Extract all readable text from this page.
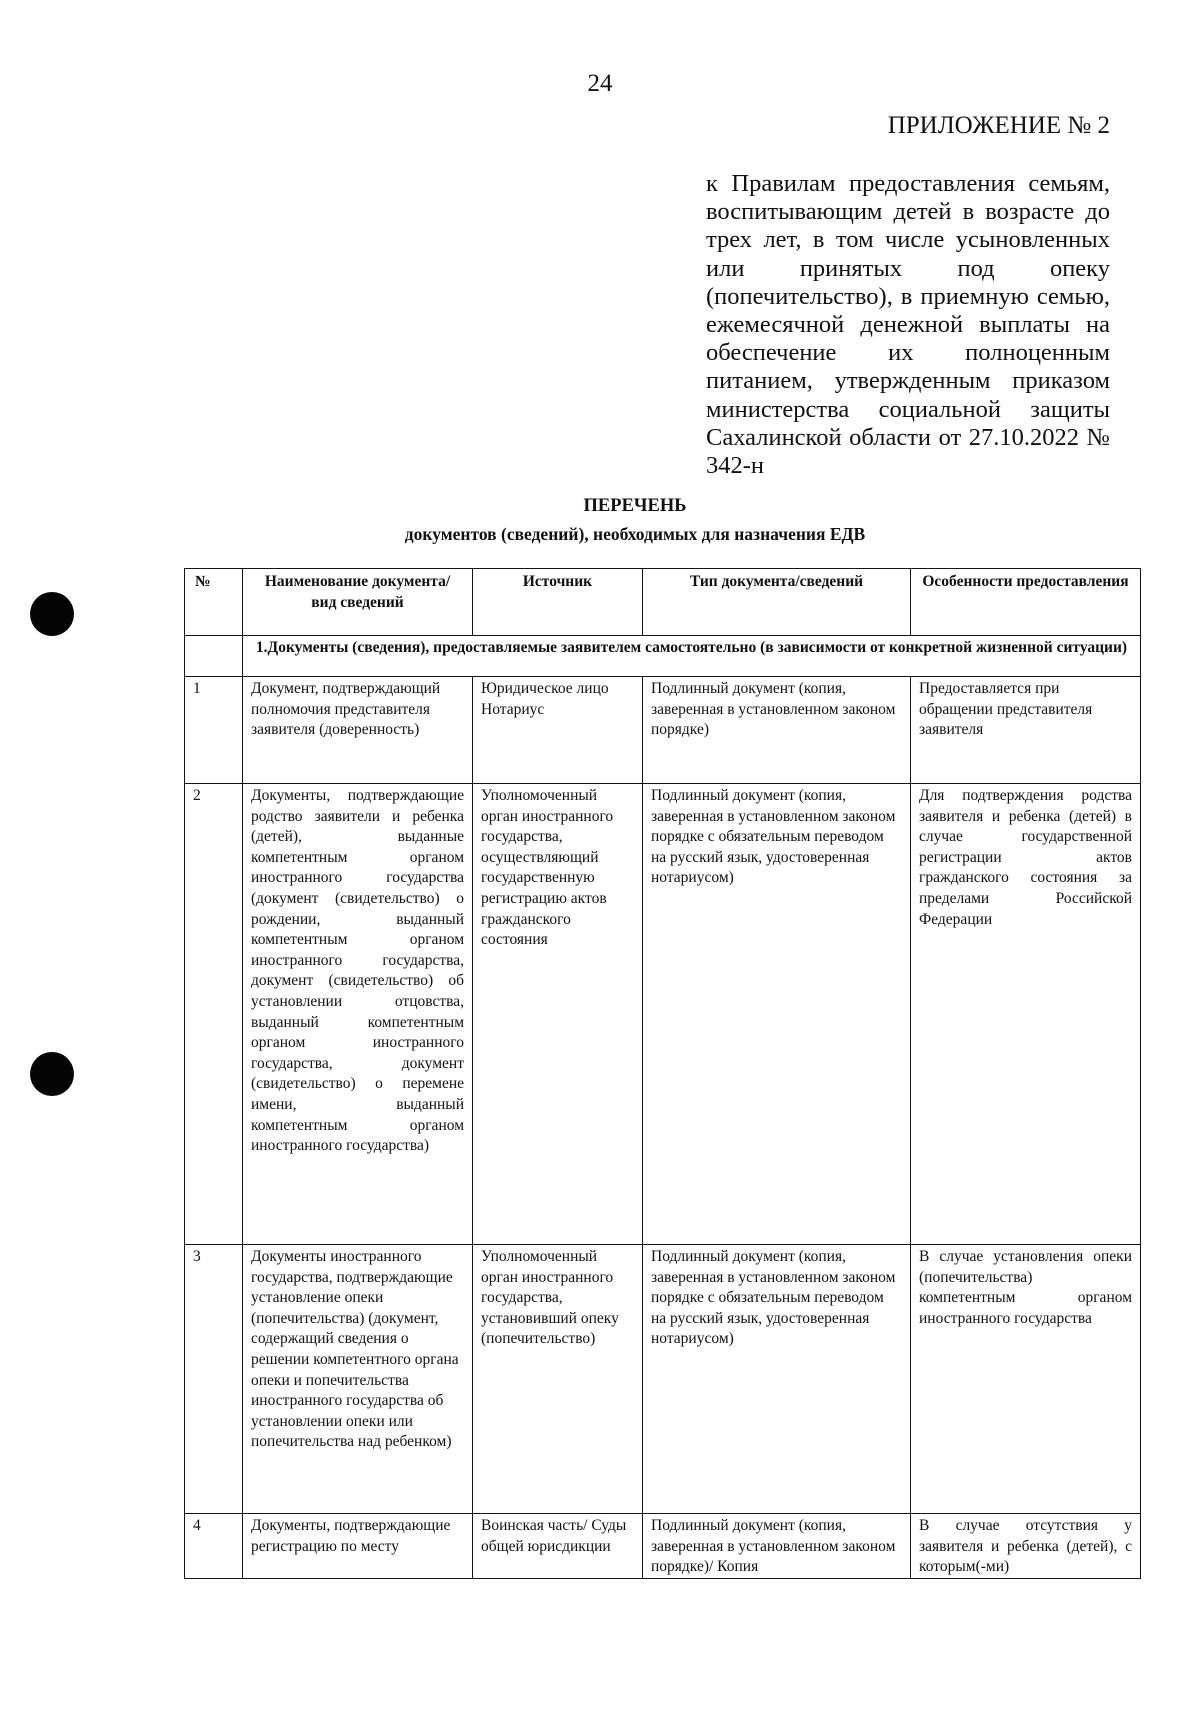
24
ПРИЛОЖЕНИЕ № 2
к Правилам предоставления семьям, воспитывающим детей в возрасте до трех лет, в том числе усыновленных или принятых под опеку (попечительство), в приемную семью, ежемесячной денежной выплаты на обеспечение их полноценным питанием, утвержденным приказом министерства социальной защиты Сахалинской области от 27.10.2022 № 342-н
ПЕРЕЧЕНЬ
документов (сведений), необходимых для назначения ЕДВ
№	Наименование документа/ вид сведений	Источник	Тип документа/сведений	Особенности предоставления
	1.Документы (сведения), предоставляемые заявителем самостоятельно (в зависимости от конкретной жизненной ситуации)			
1	Документ, подтверждающий полномочия представителя заявителя (доверенность)	Юридическое лицо Нотариус	Подлинный документ (копия, заверенная в установленном законом порядке)	Предоставляется при обращении представителя заявителя
2	Документы, подтверждающие родство заявители и ребенка (детей), выданные компетентным органом иностранного государства (документ (свидетельство) о рождении, выданный компетентным органом иностранного государства, документ (свидетельство) об установлении отцовства, выданный компетентным органом иностранного государства, документ (свидетельство) о перемене имени, выданный компетентным органом иностранного государства)	Уполномоченный орган иностранного государства, осуществляющий государственную регистрацию актов гражданского состояния	Подлинный документ (копия, заверенная в установленном законом порядке с обязательным переводом на русский язык, удостоверенная нотариусом)	Для подтверждения родства заявителя и ребенка (детей) в случае государственной регистрации актов гражданского состояния за пределами Российской Федерации
3	Документы иностранного государства, подтверждающие установление опеки (попечительства) (документ, содержащий сведения о решении компетентного органа опеки и попечительства иностранного государства об установлении опеки или попечительства над ребенком)	Уполномоченный орган иностранного государства, установивший опеку (попечительство)	Подлинный документ (копия, заверенная в установленном законом порядке с обязательным переводом на русский язык, удостоверенная нотариусом)	В случае установления опеки (попечительства) компетентным органом иностранного государства
4	Документы, подтверждающие регистрацию по месту	Воинская часть/ Суды общей юрисдикции	Подлинный документ (копия, заверенная в установленном законом порядке)/ Копия	В случае отсутствия у заявителя и ребенка (детей), с которым(-ми)
